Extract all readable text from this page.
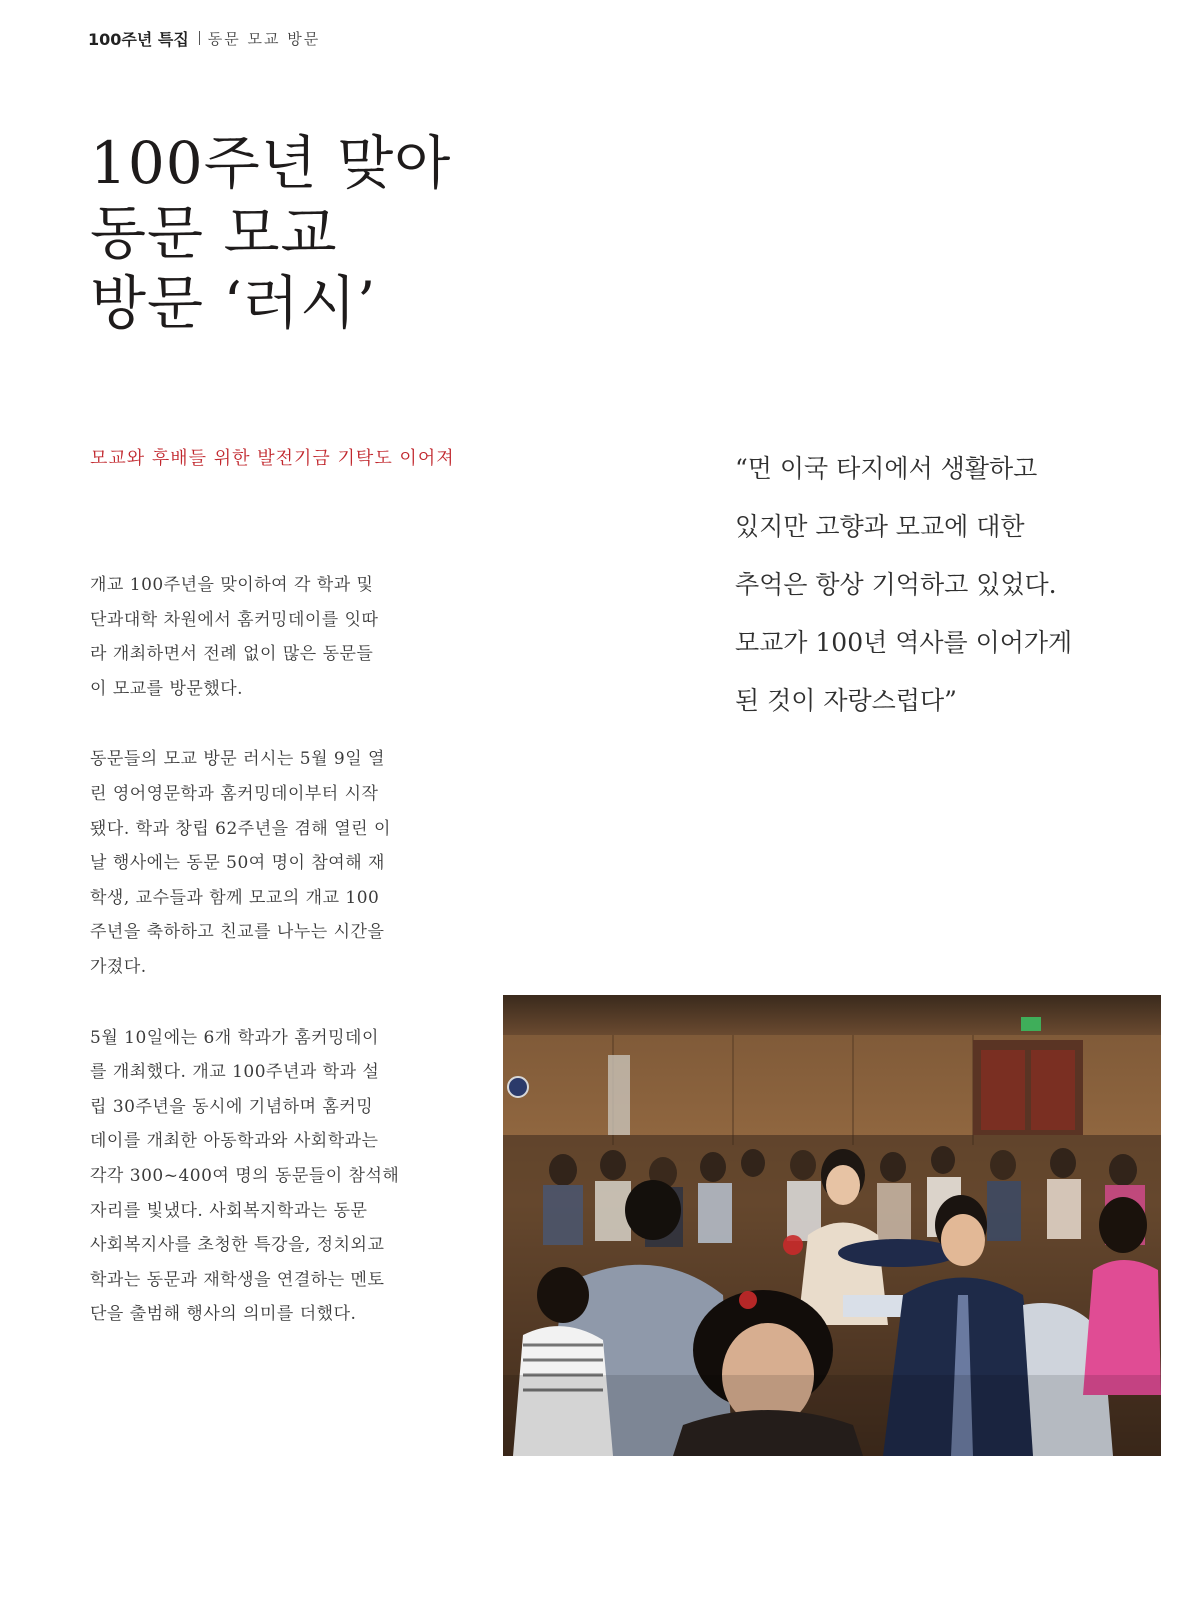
100주년 특집 동문 모교 방문
100주년 맞아
동문 모교
방문 ‘러시’

모교와 후배들 위한 발전기금 기탁도 이어져

개교 100주년을 맞이하여 각 학과 및
단과대학 차원에서 홈커밍데이를 잇따
라 개최하면서 전례 없이 많은 동문들
이 모교를 방문했다.

동문들의 모교 방문 러시는 5월 9일 열
린 영어영문학과 홈커밍데이부터 시작
됐다. 학과 창립 62주년을 겸해 열린 이
날 행사에는 동문 50여 명이 참여해 재
학생, 교수들과 함께 모교의 개교 100
주년을 축하하고 친교를 나누는 시간을
가졌다.

5월 10일에는 6개 학과가 홈커밍데이
를 개최했다. 개교 100주년과 학과 설
립 30주년을 동시에 기념하며 홈커밍
데이를 개최한 아동학과와 사회학과는
각각 300~400여 명의 동문들이 참석해
자리를 빛냈다. 사회복지학과는 동문
사회복지사를 초청한 특강을, 정치외교
학과는 동문과 재학생을 연결하는 멘토
단을 출범해 행사의 의미를 더했다.

“먼 이국 타지에서 생활하고
있지만 고향과 모교에 대한
추억은 항상 기억하고 있었다.
모교가 100년 역사를 이어가게
된 것이 자랑스럽다”
